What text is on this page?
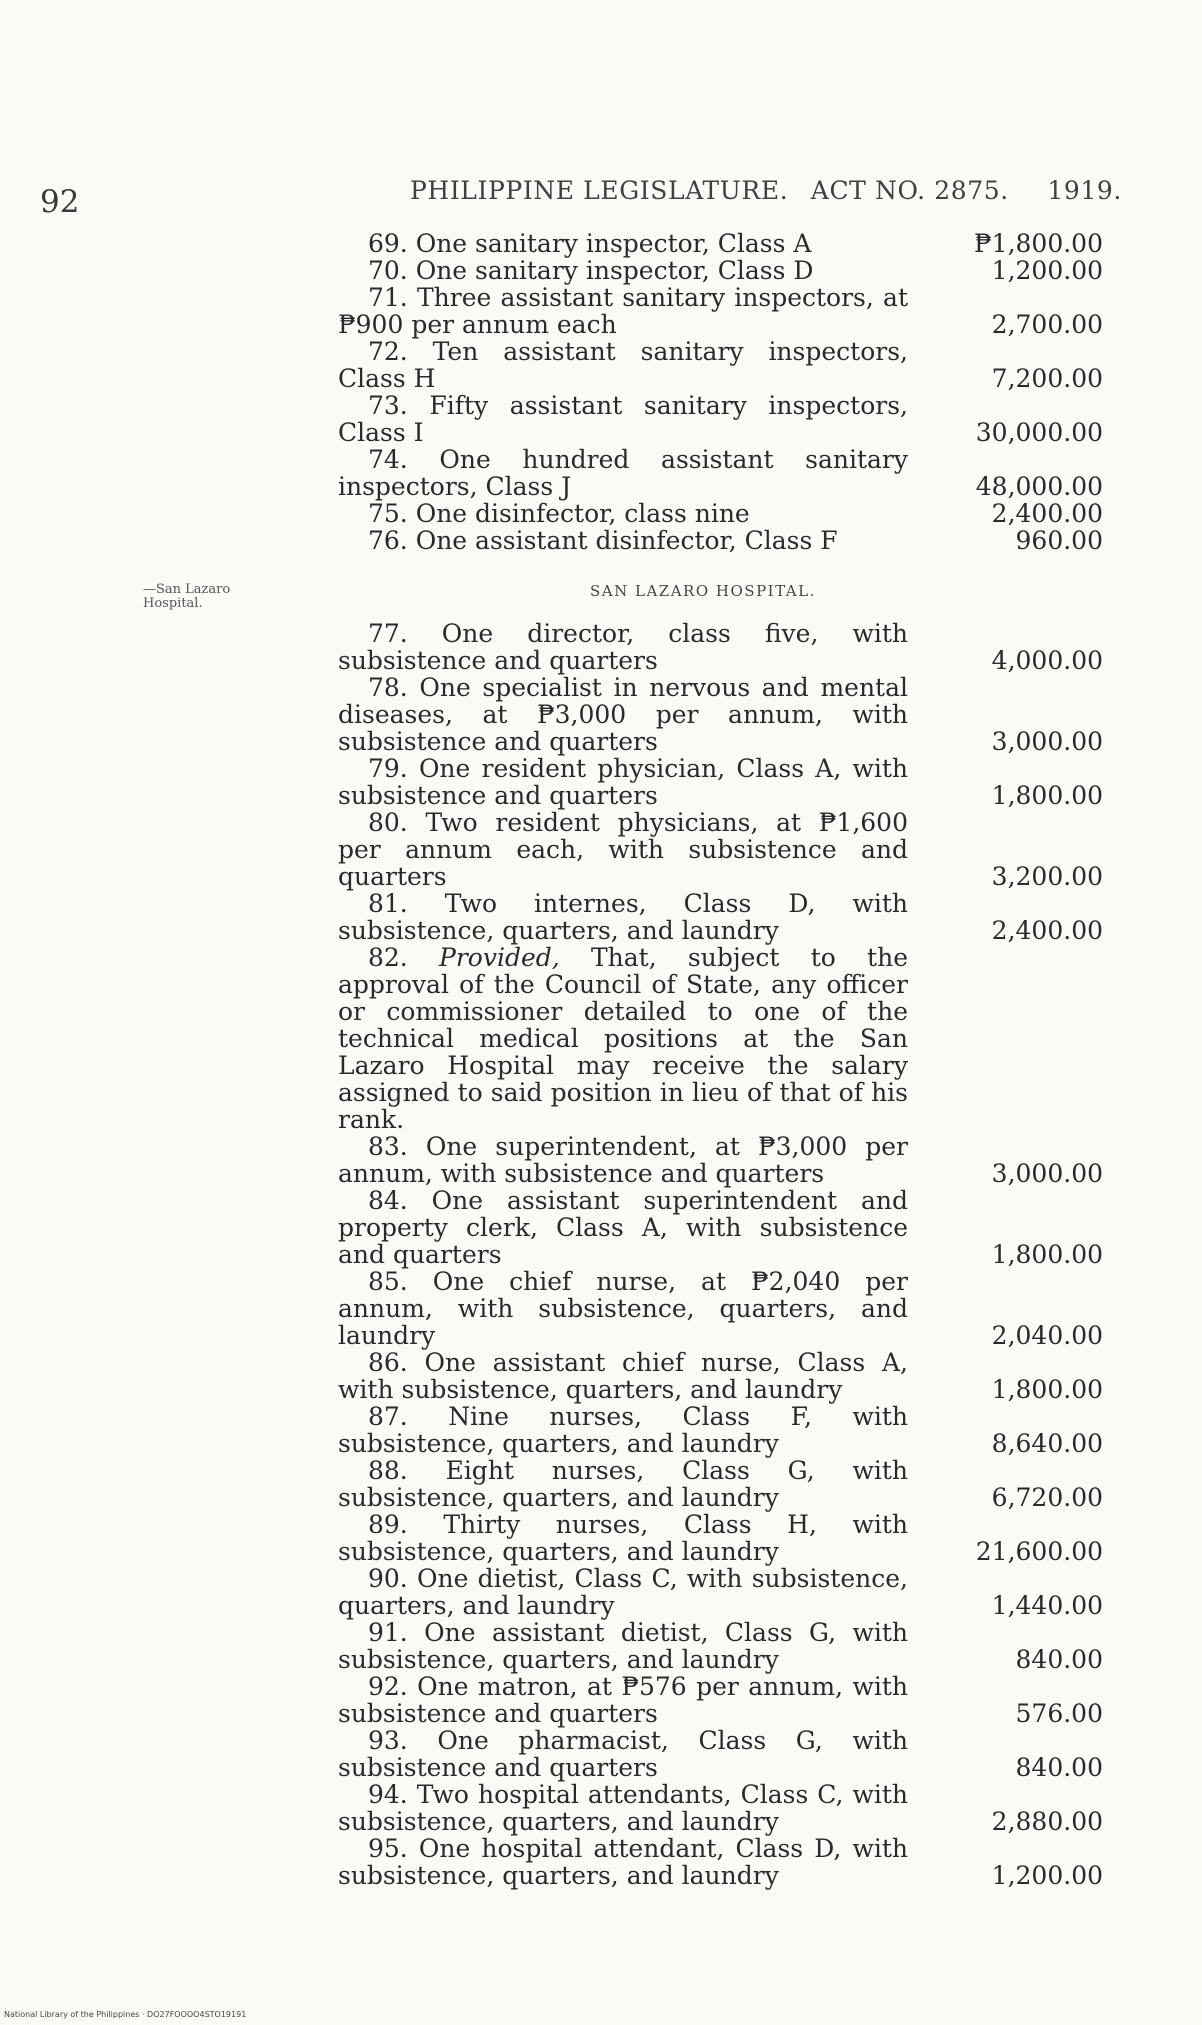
92	PHILIPPINE LEGISLATURE. ACT NO. 2875. 1919.
69. One sanitary inspector, Class A	₱1,800.00
70. One sanitary inspector, Class D	1,200.00
71. Three assistant sanitary inspectors, at ₱900 per annum each	2,700.00
72. Ten assistant sanitary inspectors, Class H	7,200.00
73. Fifty assistant sanitary inspectors, Class I	30,000.00
74. One hundred assistant sanitary inspectors, Class J	48,000.00
75. One disinfector, class nine	2,400.00
76. One assistant disinfector, Class F	960.00
—San Lazaro Hospital.
SAN LAZARO HOSPITAL.
77. One director, class five, with subsistence and quarters	4,000.00
78. One specialist in nervous and mental diseases, at ₱3,000 per annum, with subsistence and quarters	3,000.00
79. One resident physician, Class A, with subsistence and quarters	1,800.00
80. Two resident physicians, at ₱1,600 per annum each, with subsistence and quarters	3,200.00
81. Two internes, Class D, with subsistence, quarters, and laundry	2,400.00
82. Provided, That, subject to the approval of the Council of State, any officer or commissioner detailed to one of the technical medical positions at the San Lazaro Hospital may receive the salary assigned to said position in lieu of that of his rank.
83. One superintendent, at ₱3,000 per annum, with subsistence and quarters	3,000.00
84. One assistant superintendent and property clerk, Class A, with subsistence and quarters	1,800.00
85. One chief nurse, at ₱2,040 per annum, with subsistence, quarters, and laundry	2,040.00
86. One assistant chief nurse, Class A, with subsistence, quarters, and laundry	1,800.00
87. Nine nurses, Class F, with subsistence, quarters, and laundry	8,640.00
88. Eight nurses, Class G, with subsistence, quarters, and laundry	6,720.00
89. Thirty nurses, Class H, with subsistence, quarters, and laundry	21,600.00
90. One dietist, Class C, with subsistence, quarters, and laundry	1,440.00
91. One assistant dietist, Class G, with subsistence, quarters, and laundry	840.00
92. One matron, at ₱576 per annum, with subsistence and quarters	576.00
93. One pharmacist, Class G, with subsistence and quarters	840.00
94. Two hospital attendants, Class C, with subsistence, quarters, and laundry	2,880.00
95. One hospital attendant, Class D, with subsistence, quarters, and laundry	1,200.00
National Library of the Philippines · DO27FOOOO4STO19191
